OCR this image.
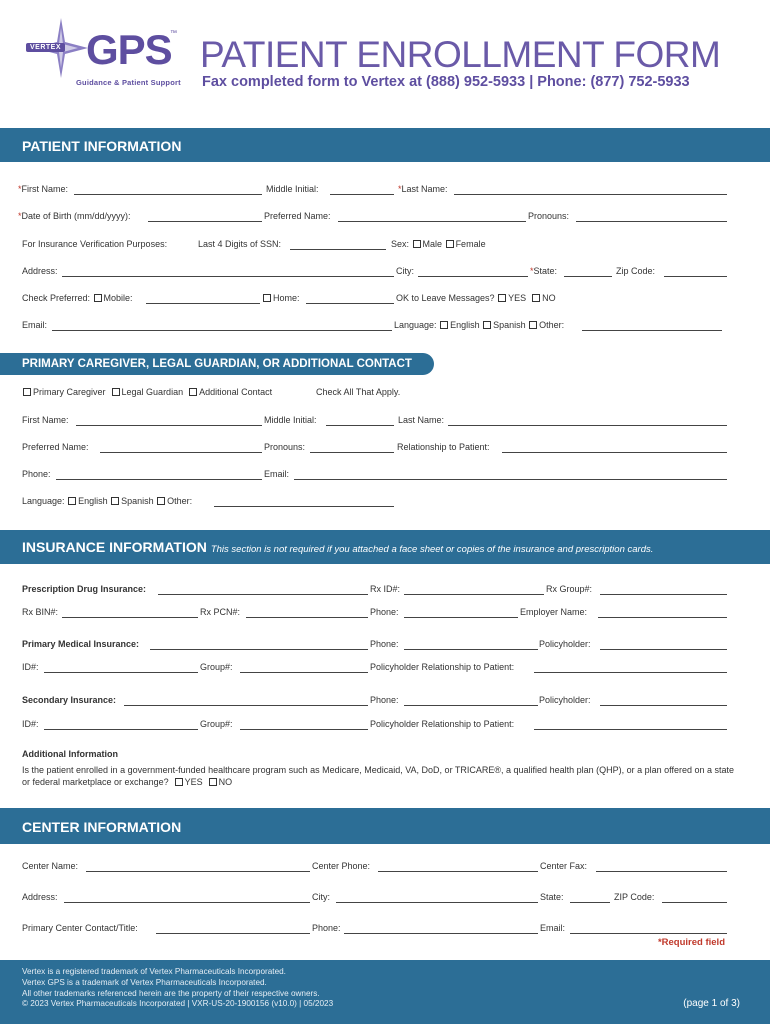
VERTEX GPS
™
Guidance & Patient Support
PATIENT ENROLLMENT FORM
Fax completed form to Vertex at (888) 952-5933 | Phone: (877) 752-5933
PATIENT INFORMATION
*First Name:	Middle Initial:	*Last Name:
*Date of Birth (mm/dd/yyyy):	Preferred Name:	Pronouns:
For Insurance Verification Purposes:	Last 4 Digits of SSN:	Sex: Male Female
Address:	City:	*State:	Zip Code:
Check Preferred: Mobile:	Home:	OK to Leave Messages? YES NO
Email:	Language: English Spanish Other:
PRIMARY CAREGIVER, LEGAL GUARDIAN, OR ADDITIONAL CONTACT
Primary Caregiver Legal Guardian Additional Contact	Check All That Apply.
First Name:	Middle Initial:	Last Name:
Preferred Name:	Pronouns:	Relationship to Patient:
Phone:	Email:
Language: English Spanish Other:
INSURANCE INFORMATION This section is not required if you attached a face sheet or copies of the insurance and prescription cards.
Prescription Drug Insurance:	Rx ID#:	Rx Group#:
Rx BIN#:	Rx PCN#:	Phone:	Employer Name:
Primary Medical Insurance:	Phone:	Policyholder:
ID#:	Group#:	Policyholder Relationship to Patient:
Secondary Insurance:	Phone:	Policyholder:
ID#:	Group#:	Policyholder Relationship to Patient:
Additional Information
Is the patient enrolled in a government-funded healthcare program such as Medicare, Medicaid, VA, DoD, or TRICARE®, a qualified health plan (QHP), or a plan offered on a state or federal marketplace or exchange? YES NO
CENTER INFORMATION
Center Name:	Center Phone:	Center Fax:
Address:	City:	State:	ZIP Code:
Primary Center Contact/Title:	Phone:	Email:
*Required field
Vertex is a registered trademark of Vertex Pharmaceuticals Incorporated.
Vertex GPS is a trademark of Vertex Pharmaceuticals Incorporated.
All other trademarks referenced herein are the property of their respective owners.
© 2023 Vertex Pharmaceuticals Incorporated | VXR-US-20-1900156 (v10.0) | 05/2023	(page 1 of 3)
